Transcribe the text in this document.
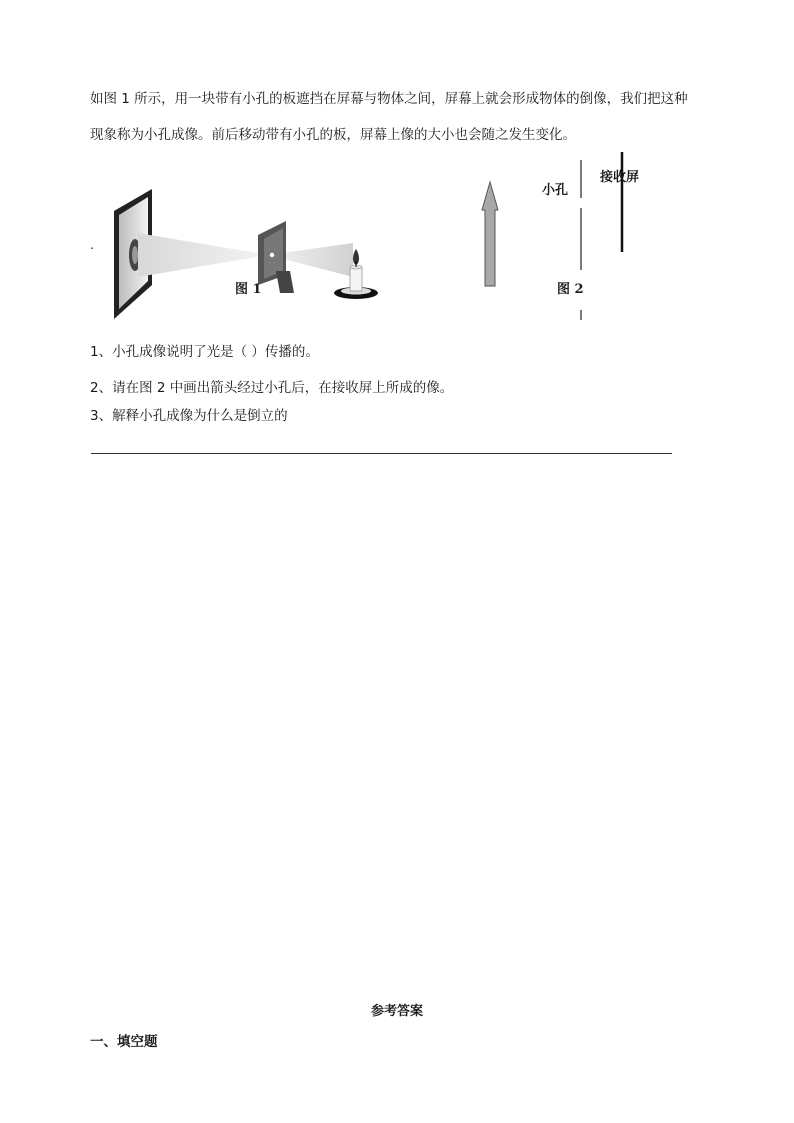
如图 1 所示，用一块带有小孔的板遮挡在屏幕与物体之间，屏幕上就会形成物体的倒像，我们把这种
现象称为小孔成像。前后移动带有小孔的板，屏幕上像的大小也会随之发生变化。
.
图 1
小孔
接收屏
图 2
1、小孔成像说明了光是（ ）传播的。
2、请在图 2 中画出箭头经过小孔后，在接收屏上所成的像。
3、解释小孔成像为什么是倒立的
参考答案
一、填空题
